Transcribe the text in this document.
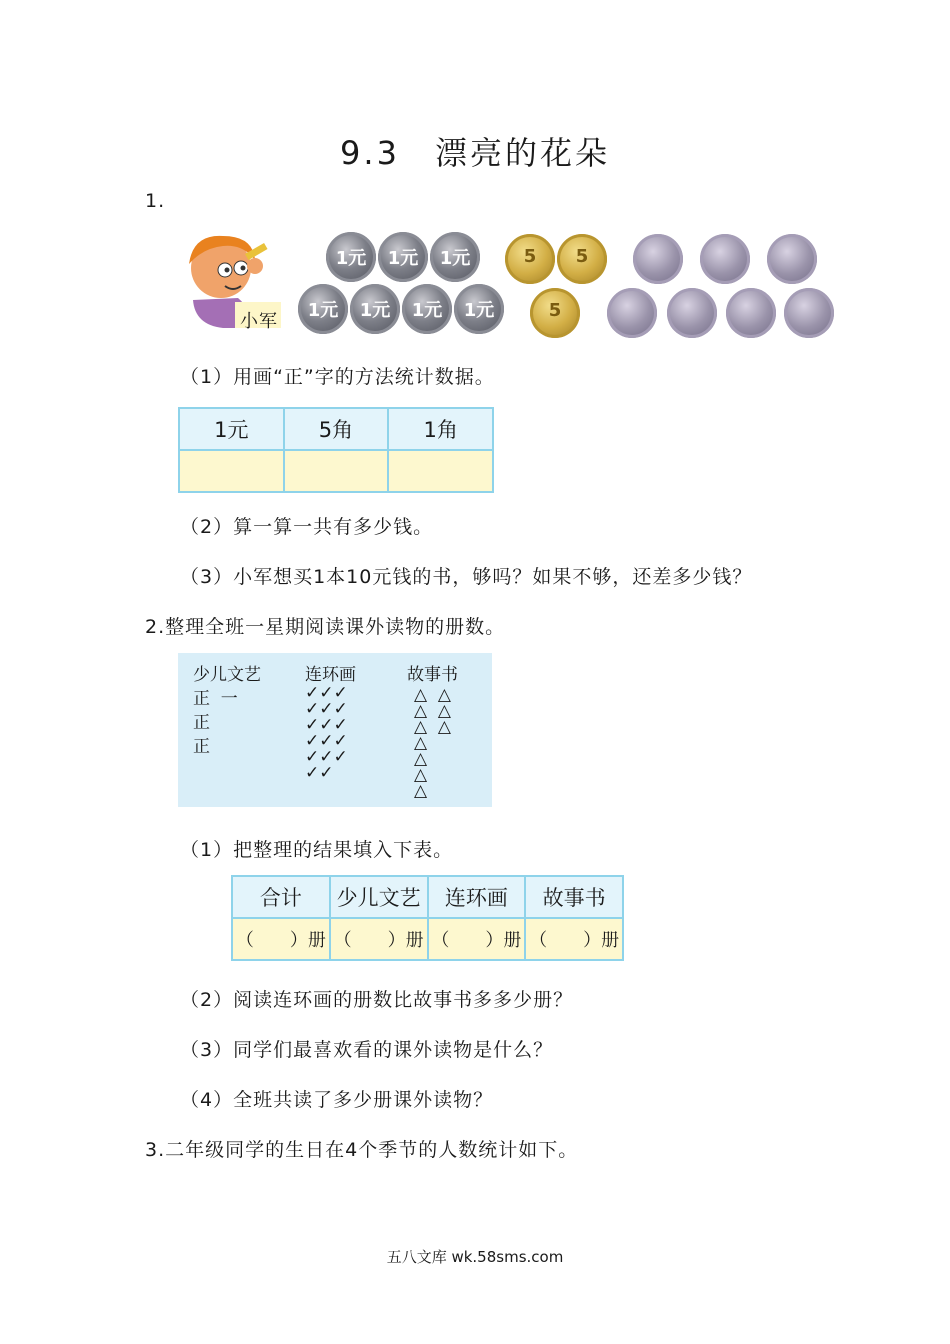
9.3　漂亮的花朵
1.
小军
1元	1元	1元
1元	1元	1元	1元
5	5
5
（1）用画“正”字的方法统计数据。
1元	5角	1角

（2）算一算一共有多少钱。
（3）小军想买1本10元钱的书，够吗？如果不够，还差多少钱？
2.整理全班一星期阅读课外读物的册数。
少儿文艺
正  一
正
正
连环画
✓✓✓
✓✓✓
✓✓✓
✓✓✓
✓✓✓
✓✓
故事书
△  △
△  △
△  △
△
△
△
△
（1）把整理的结果填入下表。
合计	少儿文艺	连环画	故事书
（　　）册	（　　）册	（　　）册	（　　）册
（2）阅读连环画的册数比故事书多多少册？
（3）同学们最喜欢看的课外读物是什么？
（4）全班共读了多少册课外读物？
3.二年级同学的生日在4个季节的人数统计如下。
五八文库 wk.58sms.com
